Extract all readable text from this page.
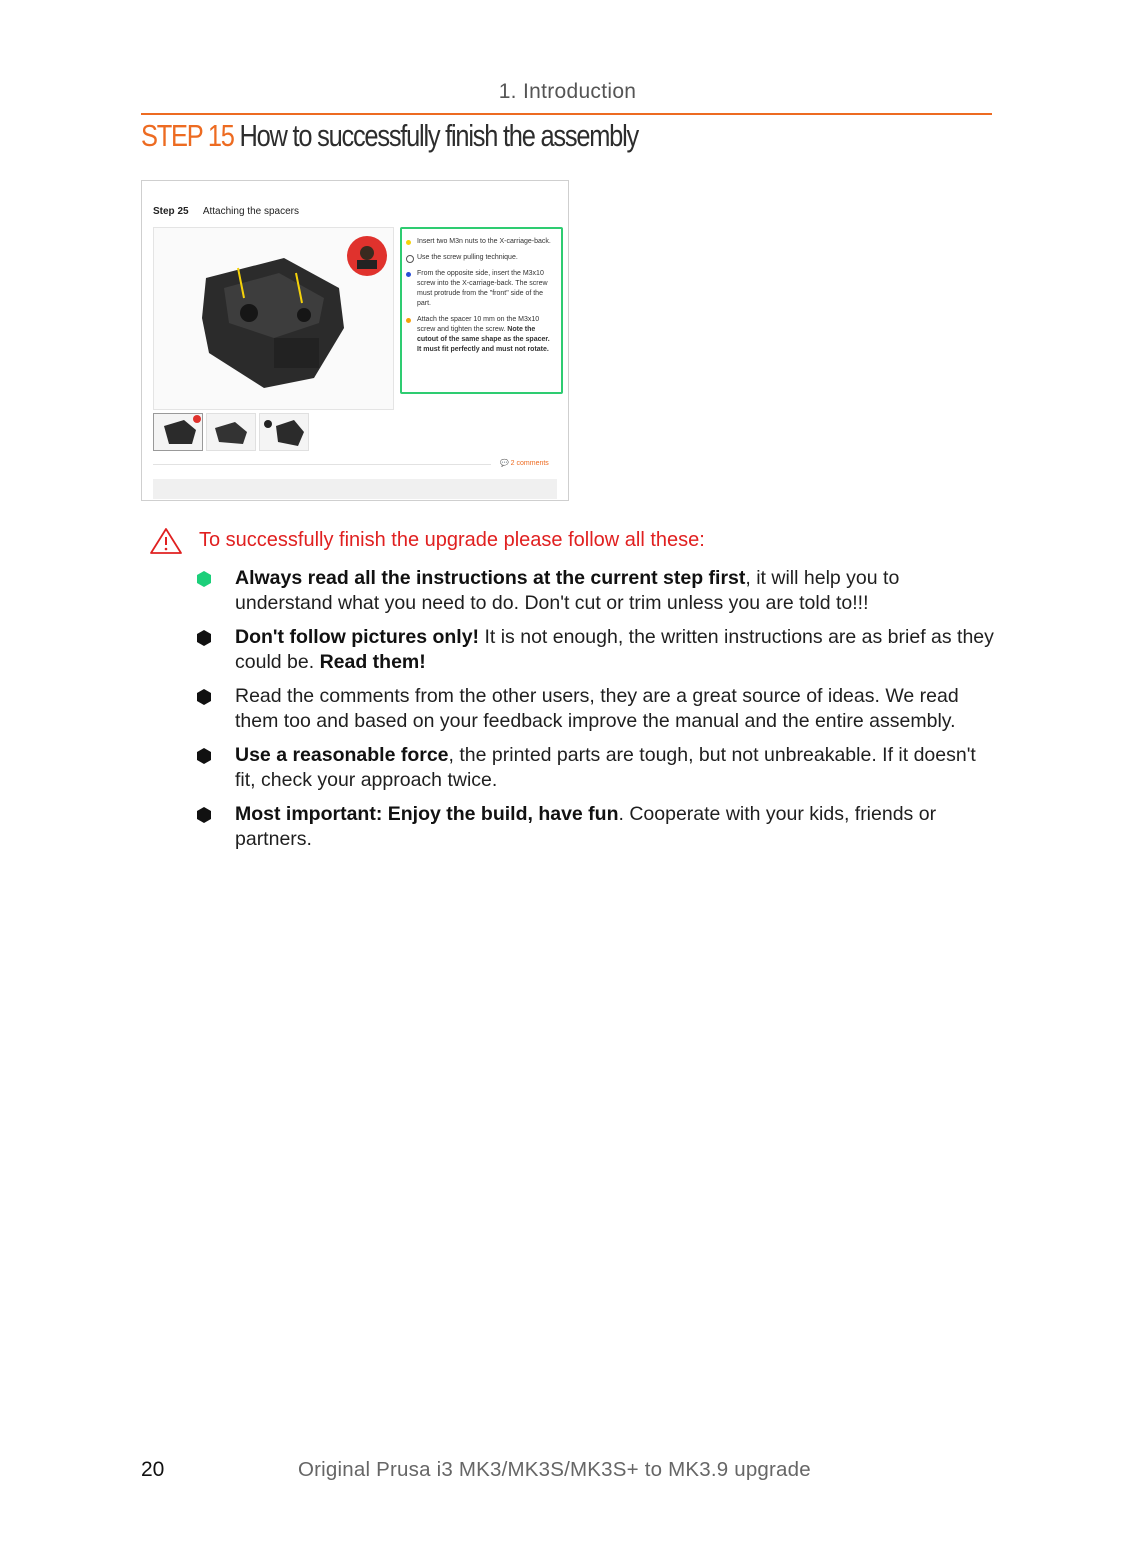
1. Introduction
STEP 15 How to successfully finish the assembly
Step 25 Attaching the spacers

Insert two M3n nuts to the X-carriage-back.

Use the screw pulling technique.

From the opposite side, insert the M3x10 screw into the X-carriage-back. The screw must protrude from the "front" side of the part.

Attach the spacer 10 mm on the M3x10 screw and tighten the screw. Note the cutout of the same shape as the spacer. It must fit perfectly and must not rotate.

💬 2 comments
To successfully finish the upgrade please follow all these:
Always read all the instructions at the current step first, it will help you to understand what you need to do. Don't cut or trim unless you are told to!!!
Don't follow pictures only! It is not enough, the written instructions are as brief as they could be. Read them!
Read the comments from the other users, they are a great source of ideas. We read them too and based on your feedback improve the manual and the entire assembly.
Use a reasonable force, the printed parts are tough, but not unbreakable. If it doesn't fit, check your approach twice.
Most important: Enjoy the build, have fun. Cooperate with your kids, friends or partners.
20	Original Prusa i3 MK3/MK3S/MK3S+ to MK3.9 upgrade
